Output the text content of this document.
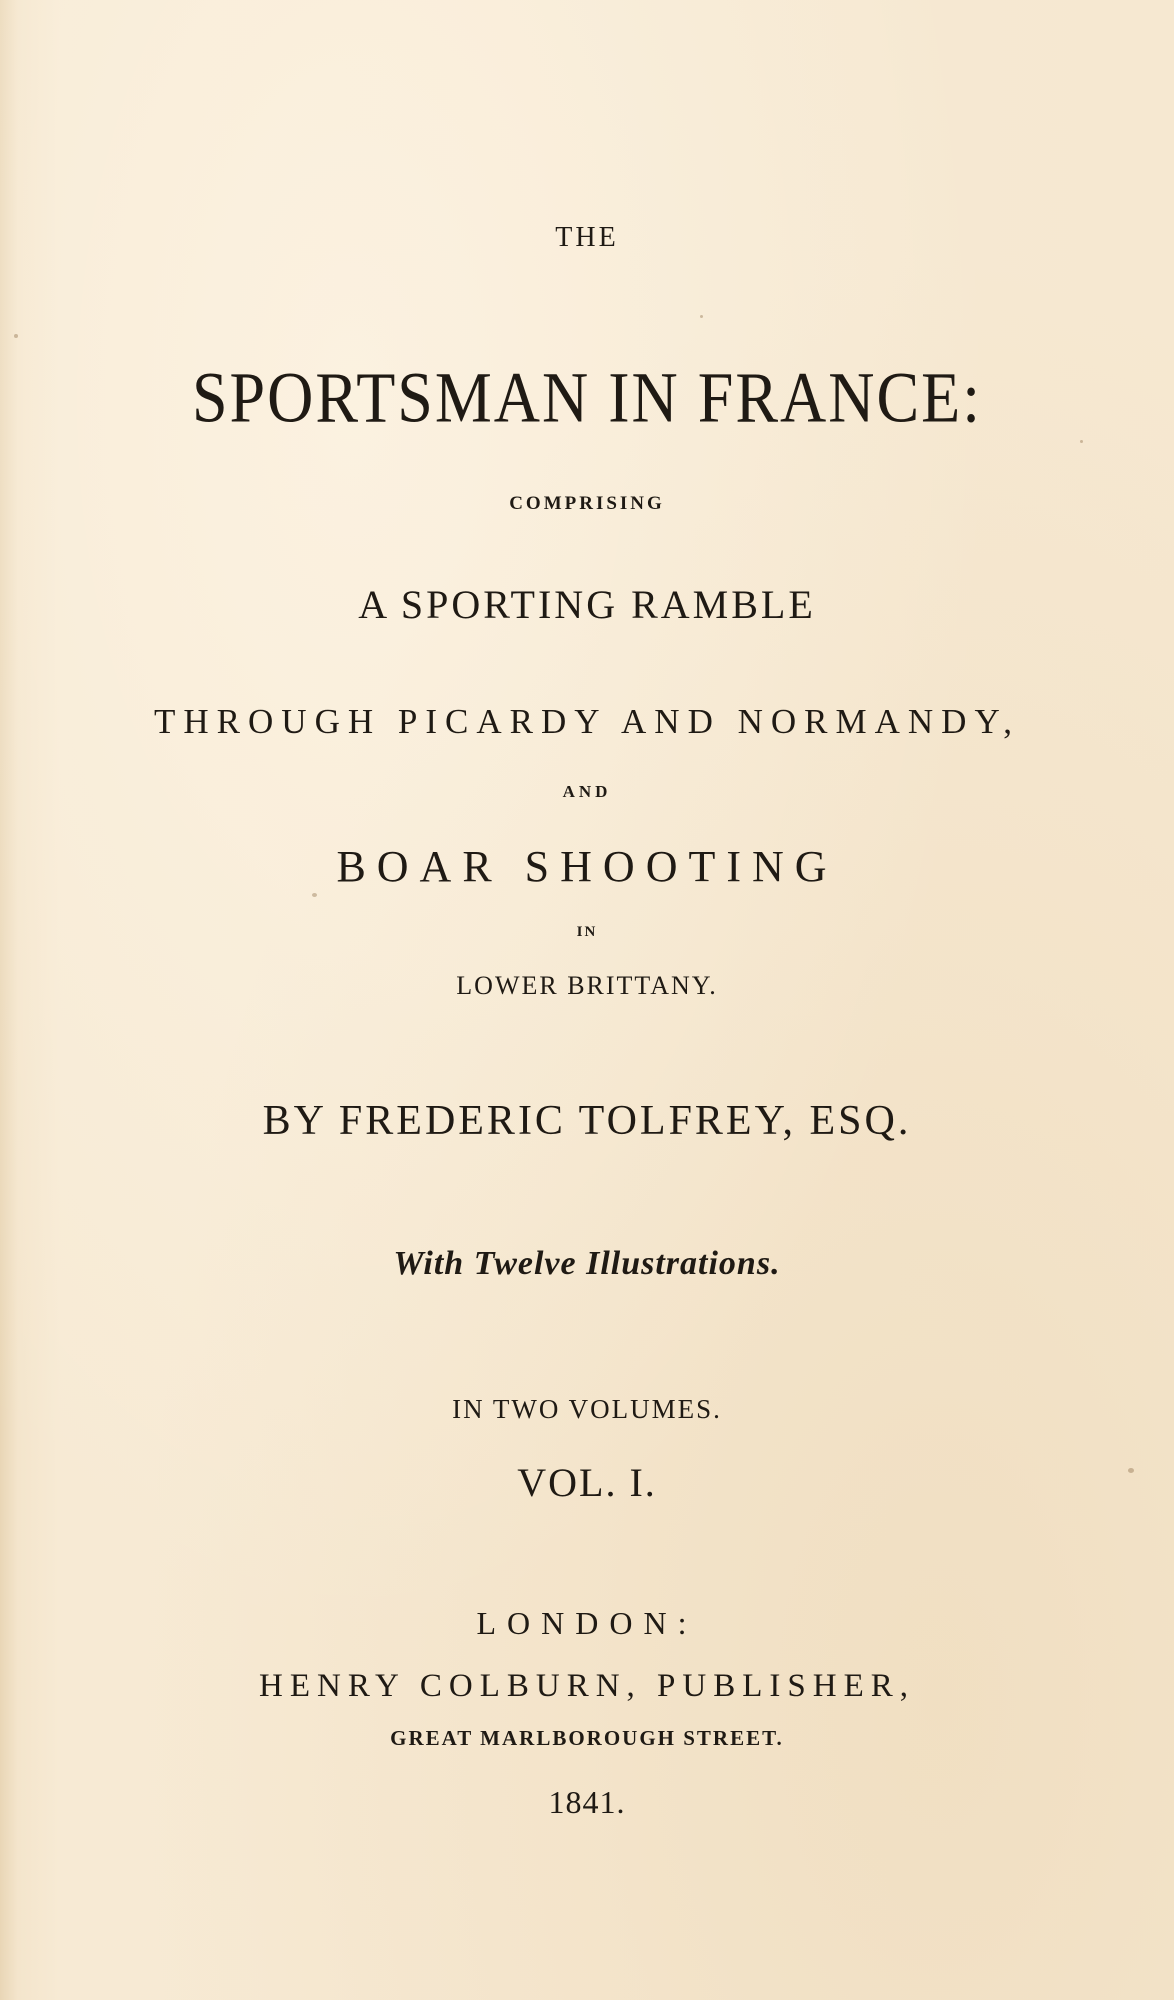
THE
SPORTSMAN IN FRANCE:
COMPRISING
A SPORTING RAMBLE
THROUGH PICARDY AND NORMANDY,
AND
BOAR SHOOTING
IN
LOWER BRITTANY.
BY FREDERIC TOLFREY, ESQ.
With Twelve Illustrations.
IN TWO VOLUMES.
VOL. I.
LONDON:
HENRY COLBURN, PUBLISHER,
GREAT MARLBOROUGH STREET.
1841.
